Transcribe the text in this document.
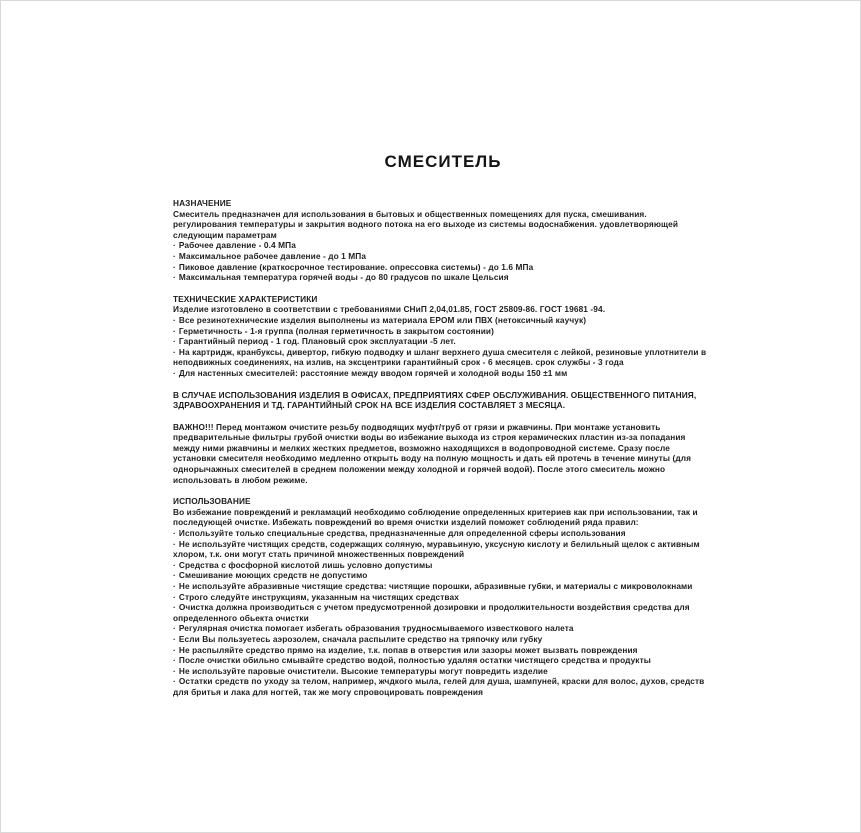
СМЕСИТЕЛЬ
НАЗНАЧЕНИЕ
Смеситель предназначен для использования в бытовых и общественных помещениях для пуска, смешивания. регулирования температуры и закрытия водного потока на его выходе из системы водоснабжения. удовлетворяющей следующим параметрам
· Рабочее давление - 0.4 МПа
· Максимальное рабочее давление - до 1 МПа
· Пиковое давление (краткосрочное тестирование. опрессовка системы) - до 1.6 МПа
· Максимальная температура горячей воды - до 80 градусов по шкале Цельсия
ТЕХНИЧЕСКИЕ ХАРАКТЕРИСТИКИ
Изделие изготовлено в соответствии с требованиями СНиП 2,04,01.85, ГОСТ 25809-86. ГОСТ 19681 -94.
· Все резинотехнические изделия выполнены из материала EPOM или ПВХ (нетоксичный каучук)
· Герметичность - 1-я группа (полная герметичность в закрытом состоянии)
· Гарантийный период - 1 год. Плановый срок эксплуатации -5 лет.
· На картридж, кранбуксы, дивертор, гибкую подводку и шланг верхнего душа смесителя с лейкой, резиновые уплотнители в неподвижных соединениях, на излив, на эксцентрики гарантийный срок - 6 месяцев. срок службы - 3 года
· Для настенных смесителей: расстояние между вводом горячей и холодной воды 150 ±1 мм
В СЛУЧАЕ ИСПОЛЬЗОВАНИЯ ИЗДЕЛИЯ В ОФИСАХ, ПРЕДПРИЯТИЯХ СФЕР ОБСЛУЖИВАНИЯ. ОБЩЕСТВЕННОГО ПИТАНИЯ, ЗДРАВООХРАНЕНИЯ И ТД. ГАРАНТИЙНЫЙ СРОК НА ВСЕ ИЗДЕЛИЯ СОСТАВЛЯЕТ 3 МЕСЯЦА.
ВАЖНО!!! Перед монтажом очистите резьбу подводящих муфт/труб от грязи и ржавчины. При монтаже установить предварительные фильтры грубой очистки воды во избежание выхода из строя керамических пластин из-за попадания между ними ржавчины и мелких жестких предметов, возможно находящихся в водопроводной системе. Сразу после установки смесителя необходимо медленно открыть воду на полную мощность и дать ей протечь в течение минуты (для однорычажных смесителей в среднем положении между холодной и горячей водой). После этого смеситель можно использовать в любом режиме.
ИСПОЛЬЗОВАНИЕ
Во избежание повреждений и рекламаций необходимо соблюдение определенных критериев как при использовании, так и последующей очистке. Избежать повреждений во время очистки изделий поможет соблюдений ряда правил:
· Используйте только специальные средства, предназначенные для определенной сферы использования
· Не используйте чистящих средств, содержащих соляную, муравьиную, уксусную кислоту и белильный щелок с активным хлором, т.к. они могут стать причиной множественных повреждений
· Средства с фосфорной кислотой лишь условно допустимы
· Смешивание моющих средств не допустимо
· Не используйте абразивные чистящие средства: чистящие порошки, абразивные губки, и материалы с микроволокнами
· Строго следуйте инструкциям, указанным на чистящих средствах
· Очистка должна производиться с учетом предусмотренной дозировки и продолжительности воздействия средства для определенного обьекта очистки
· Регулярная очистка помогает избегать образования трудносмываемого известкового налета
· Если Вы пользуетесь аэрозолем, сначала распылите средство на тряпочку или губку
· Не распыляйте средство прямо на изделие, т.к. попав в отверстия или зазоры может вызвать повреждения
· После очистки обильно смывайте средство водой, полностью удаляя остатки чистящего средства и продукты
· Не используйте паровые очистители. Высокие температуры могут повредить изделие
· Остатки средств по уходу за телом, например, жчдкого мыла, гелей для душа, шампуней, краски для волос, духов, средств для бритья и лака для ногтей, так же могу спровоцировать повреждения
